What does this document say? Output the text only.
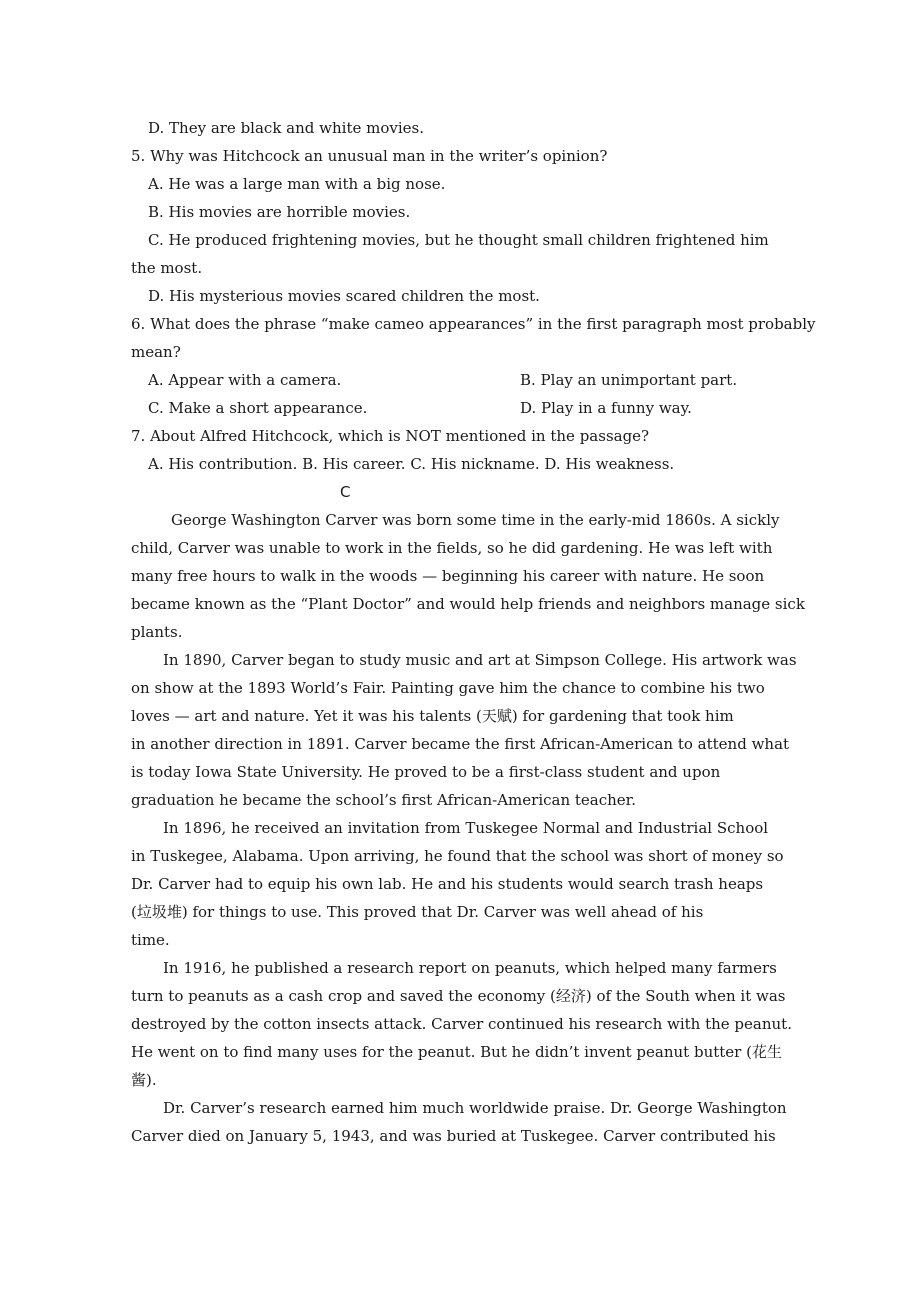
D. They are black and white movies.
5. Why was Hitchcock an unusual man in the writer’s opinion?
A. He was a large man with a big nose.
B. His movies are horrible movies.
C. He produced frightening movies, but he thought small children frightened him
the most.
D. His mysterious movies scared children the most.
6. What does the phrase “make cameo appearances” in the first paragraph most probably
mean?
A. Appear with a camera.	B. Play an unimportant part.
C. Make a short appearance.	D. Play in a funny way.
7. About Alfred Hitchcock, which is NOT mentioned in the passage?
A. His contribution. B. His career. C. His nickname. D. His weakness.
C
George Washington Carver was born some time in the early-mid 1860s. A sickly
child, Carver was unable to work in the fields, so he did gardening. He was left with
many free hours to walk in the woods — beginning his career with nature. He soon
became known as the “Plant Doctor” and would help friends and neighbors manage sick
plants.
In 1890, Carver began to study music and art at Simpson College. His artwork was
on show at the 1893 World’s Fair. Painting gave him the chance to combine his two
loves — art and nature. Yet it was his talents (天赋) for gardening that took him
in another direction in 1891. Carver became the first African-American to attend what
is today Iowa State University. He proved to be a first-class student and upon
graduation he became the school’s first African-American teacher.
In 1896, he received an invitation from Tuskegee Normal and Industrial School
in Tuskegee, Alabama. Upon arriving, he found that the school was short of money so
Dr. Carver had to equip his own lab. He and his students would search trash heaps
(垃圾堆) for things to use. This proved that Dr. Carver was well ahead of his
time.
In 1916, he published a research report on peanuts, which helped many farmers
turn to peanuts as a cash crop and saved the economy (经济) of the South when it was
destroyed by the cotton insects attack. Carver continued his research with the peanut.
He went on to find many uses for the peanut. But he didn’t invent peanut butter (花生
酱).
Dr. Carver’s research earned him much worldwide praise. Dr. George Washington
Carver died on January 5, 1943, and was buried at Tuskegee. Carver contributed his
